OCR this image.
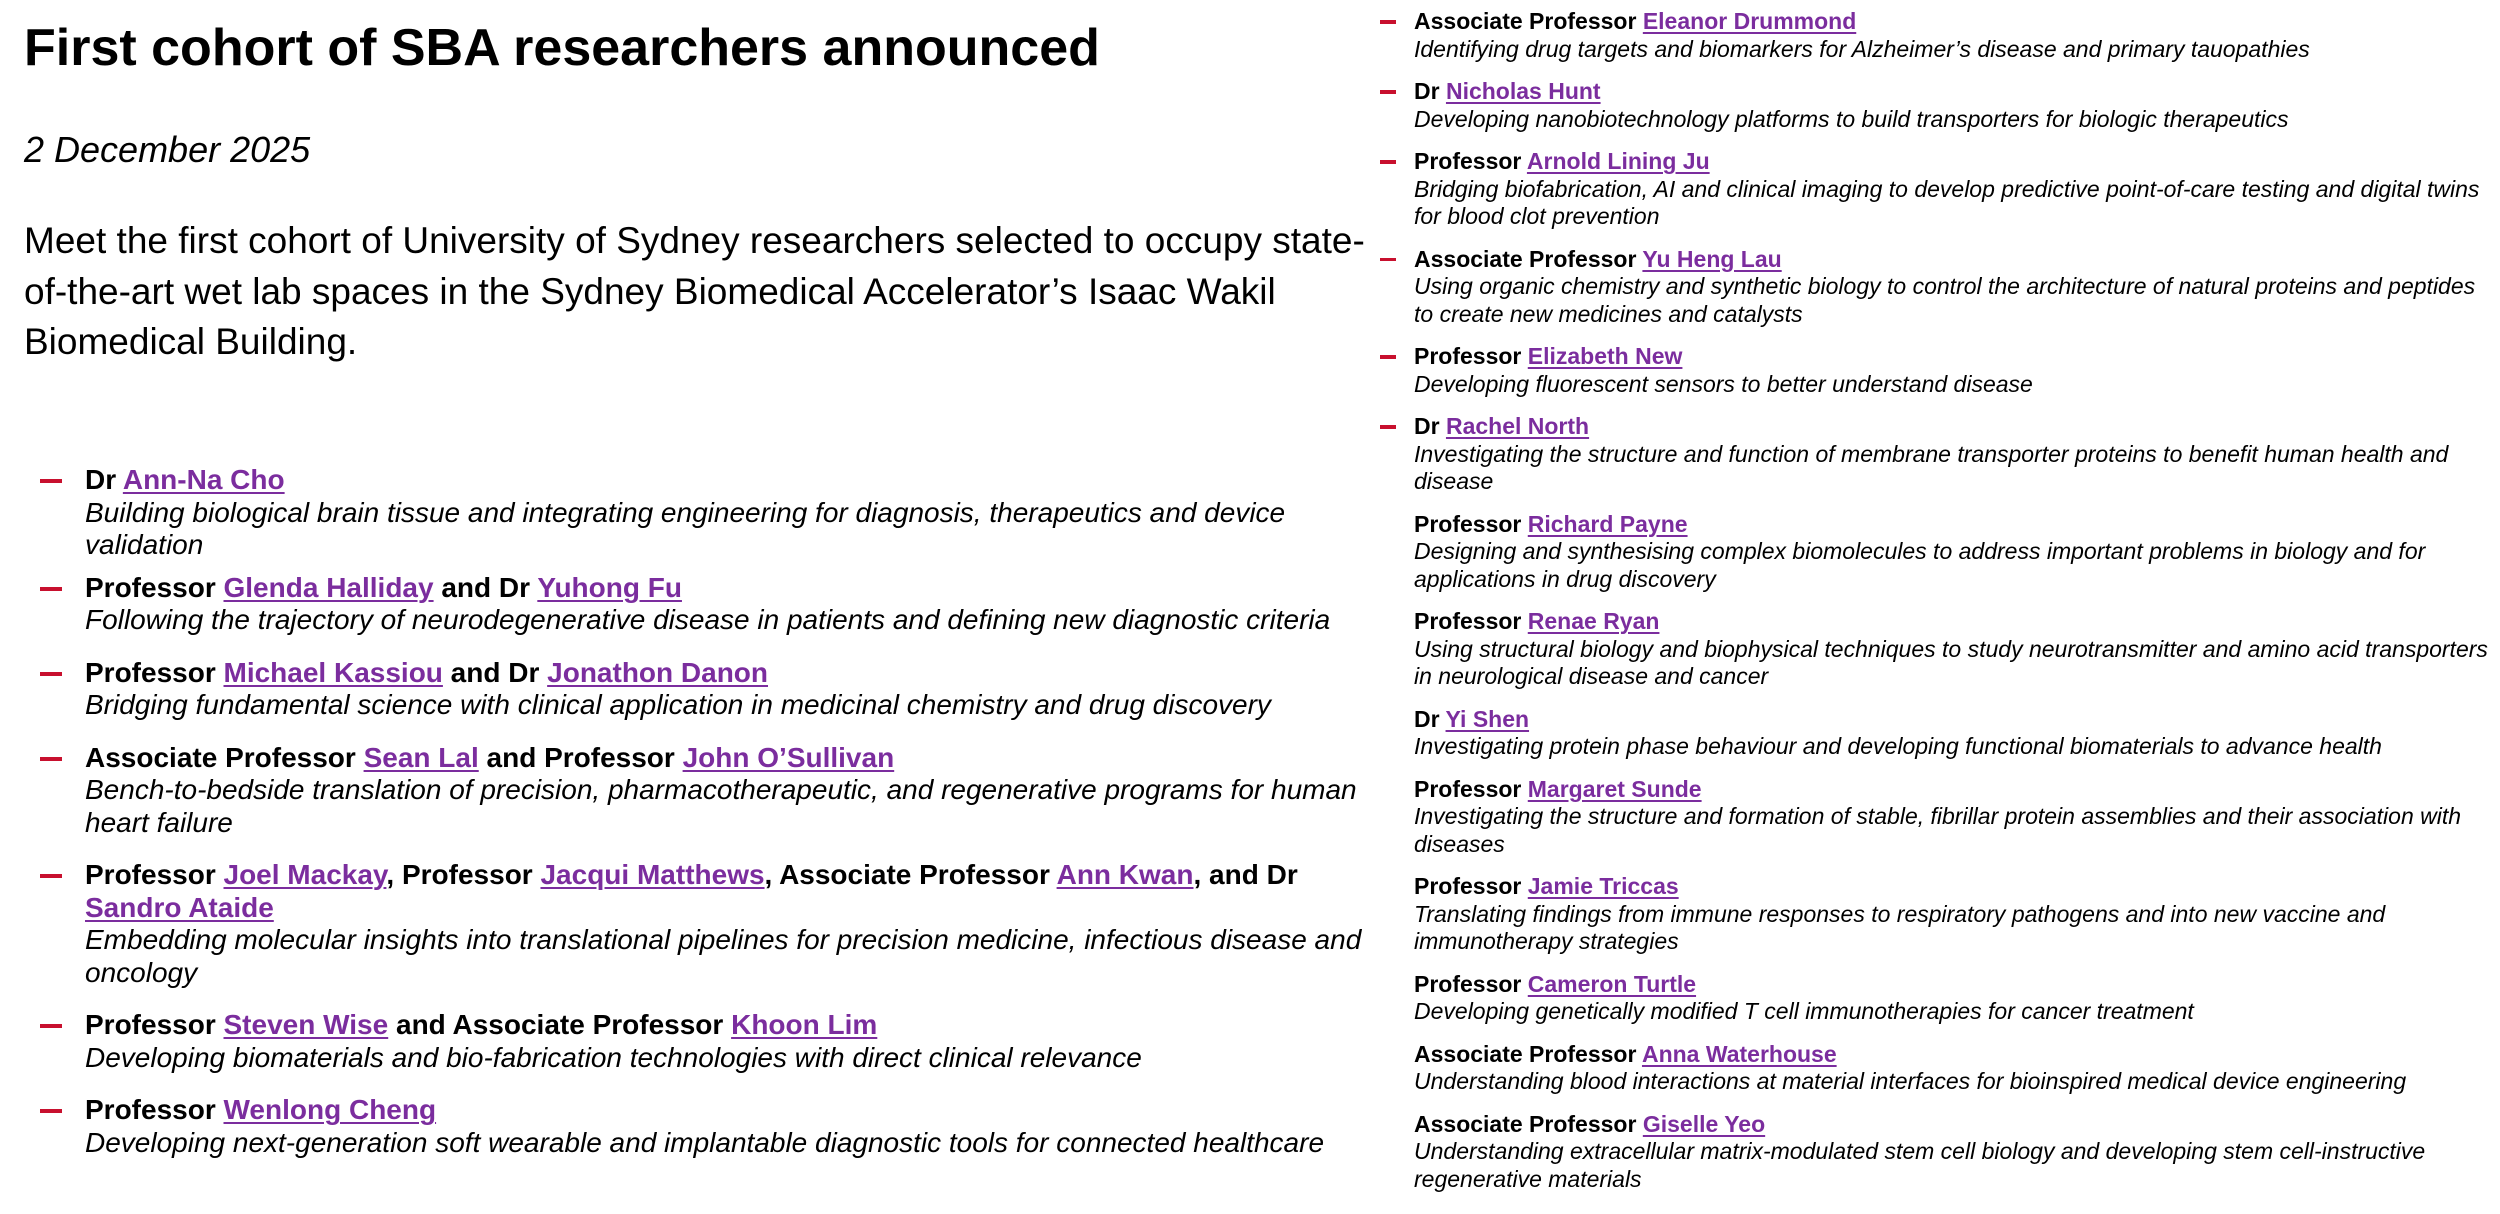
First cohort of SBA researchers announced
2 December 2025

Meet the first cohort of University of Sydney researchers selected to occupy state-of-the-art wet lab spaces in the Sydney Biomedical Accelerator’s Isaac Wakil Biomedical Building.

Dr Ann-Na Cho
Building biological brain tissue and integrating engineering for diagnosis, therapeutics and device validation
Professor Glenda Halliday and Dr Yuhong Fu
Following the trajectory of neurodegenerative disease in patients and defining new diagnostic criteria
Professor Michael Kassiou and Dr Jonathon Danon
Bridging fundamental science with clinical application in medicinal chemistry and drug discovery
Associate Professor Sean Lal and Professor John O’Sullivan
Bench-to-bedside translation of precision, pharmacotherapeutic, and regenerative programs for human heart failure
Professor Joel Mackay, Professor Jacqui Matthews, Associate Professor Ann Kwan, and Dr Sandro Ataide
Embedding molecular insights into translational pipelines for precision medicine, infectious disease and oncology
Professor Steven Wise and Associate Professor Khoon Lim
Developing biomaterials and bio-fabrication technologies with direct clinical relevance
Professor Wenlong Cheng
Developing next-generation soft wearable and implantable diagnostic tools for connected healthcare
Associate Professor Eleanor Drummond
Identifying drug targets and biomarkers for Alzheimer’s disease and primary tauopathies
Dr Nicholas Hunt
Developing nanobiotechnology platforms to build transporters for biologic therapeutics
Professor Arnold Lining Ju
Bridging biofabrication, AI and clinical imaging to develop predictive point-of-care testing and digital twins for blood clot prevention
Associate Professor Yu Heng Lau
Using organic chemistry and synthetic biology to control the architecture of natural proteins and peptides to create new medicines and catalysts
Professor Elizabeth New
Developing fluorescent sensors to better understand disease
Dr Rachel North
Investigating the structure and function of membrane transporter proteins to benefit human health and disease
Professor Richard Payne
Designing and synthesising complex biomolecules to address important problems in biology and for applications in drug discovery
Professor Renae Ryan
Using structural biology and biophysical techniques to study neurotransmitter and amino acid transporters in neurological disease and cancer
Dr Yi Shen
Investigating protein phase behaviour and developing functional biomaterials to advance health
Professor Margaret Sunde
Investigating the structure and formation of stable, fibrillar protein assemblies and their association with diseases
Professor Jamie Triccas
Translating findings from immune responses to respiratory pathogens and into new vaccine and immunotherapy strategies
Professor Cameron Turtle
Developing genetically modified T cell immunotherapies for cancer treatment
Associate Professor Anna Waterhouse
Understanding blood interactions at material interfaces for bioinspired medical device engineering
Associate Professor Giselle Yeo
Understanding extracellular matrix-modulated stem cell biology and developing stem cell-instructive regenerative materials
